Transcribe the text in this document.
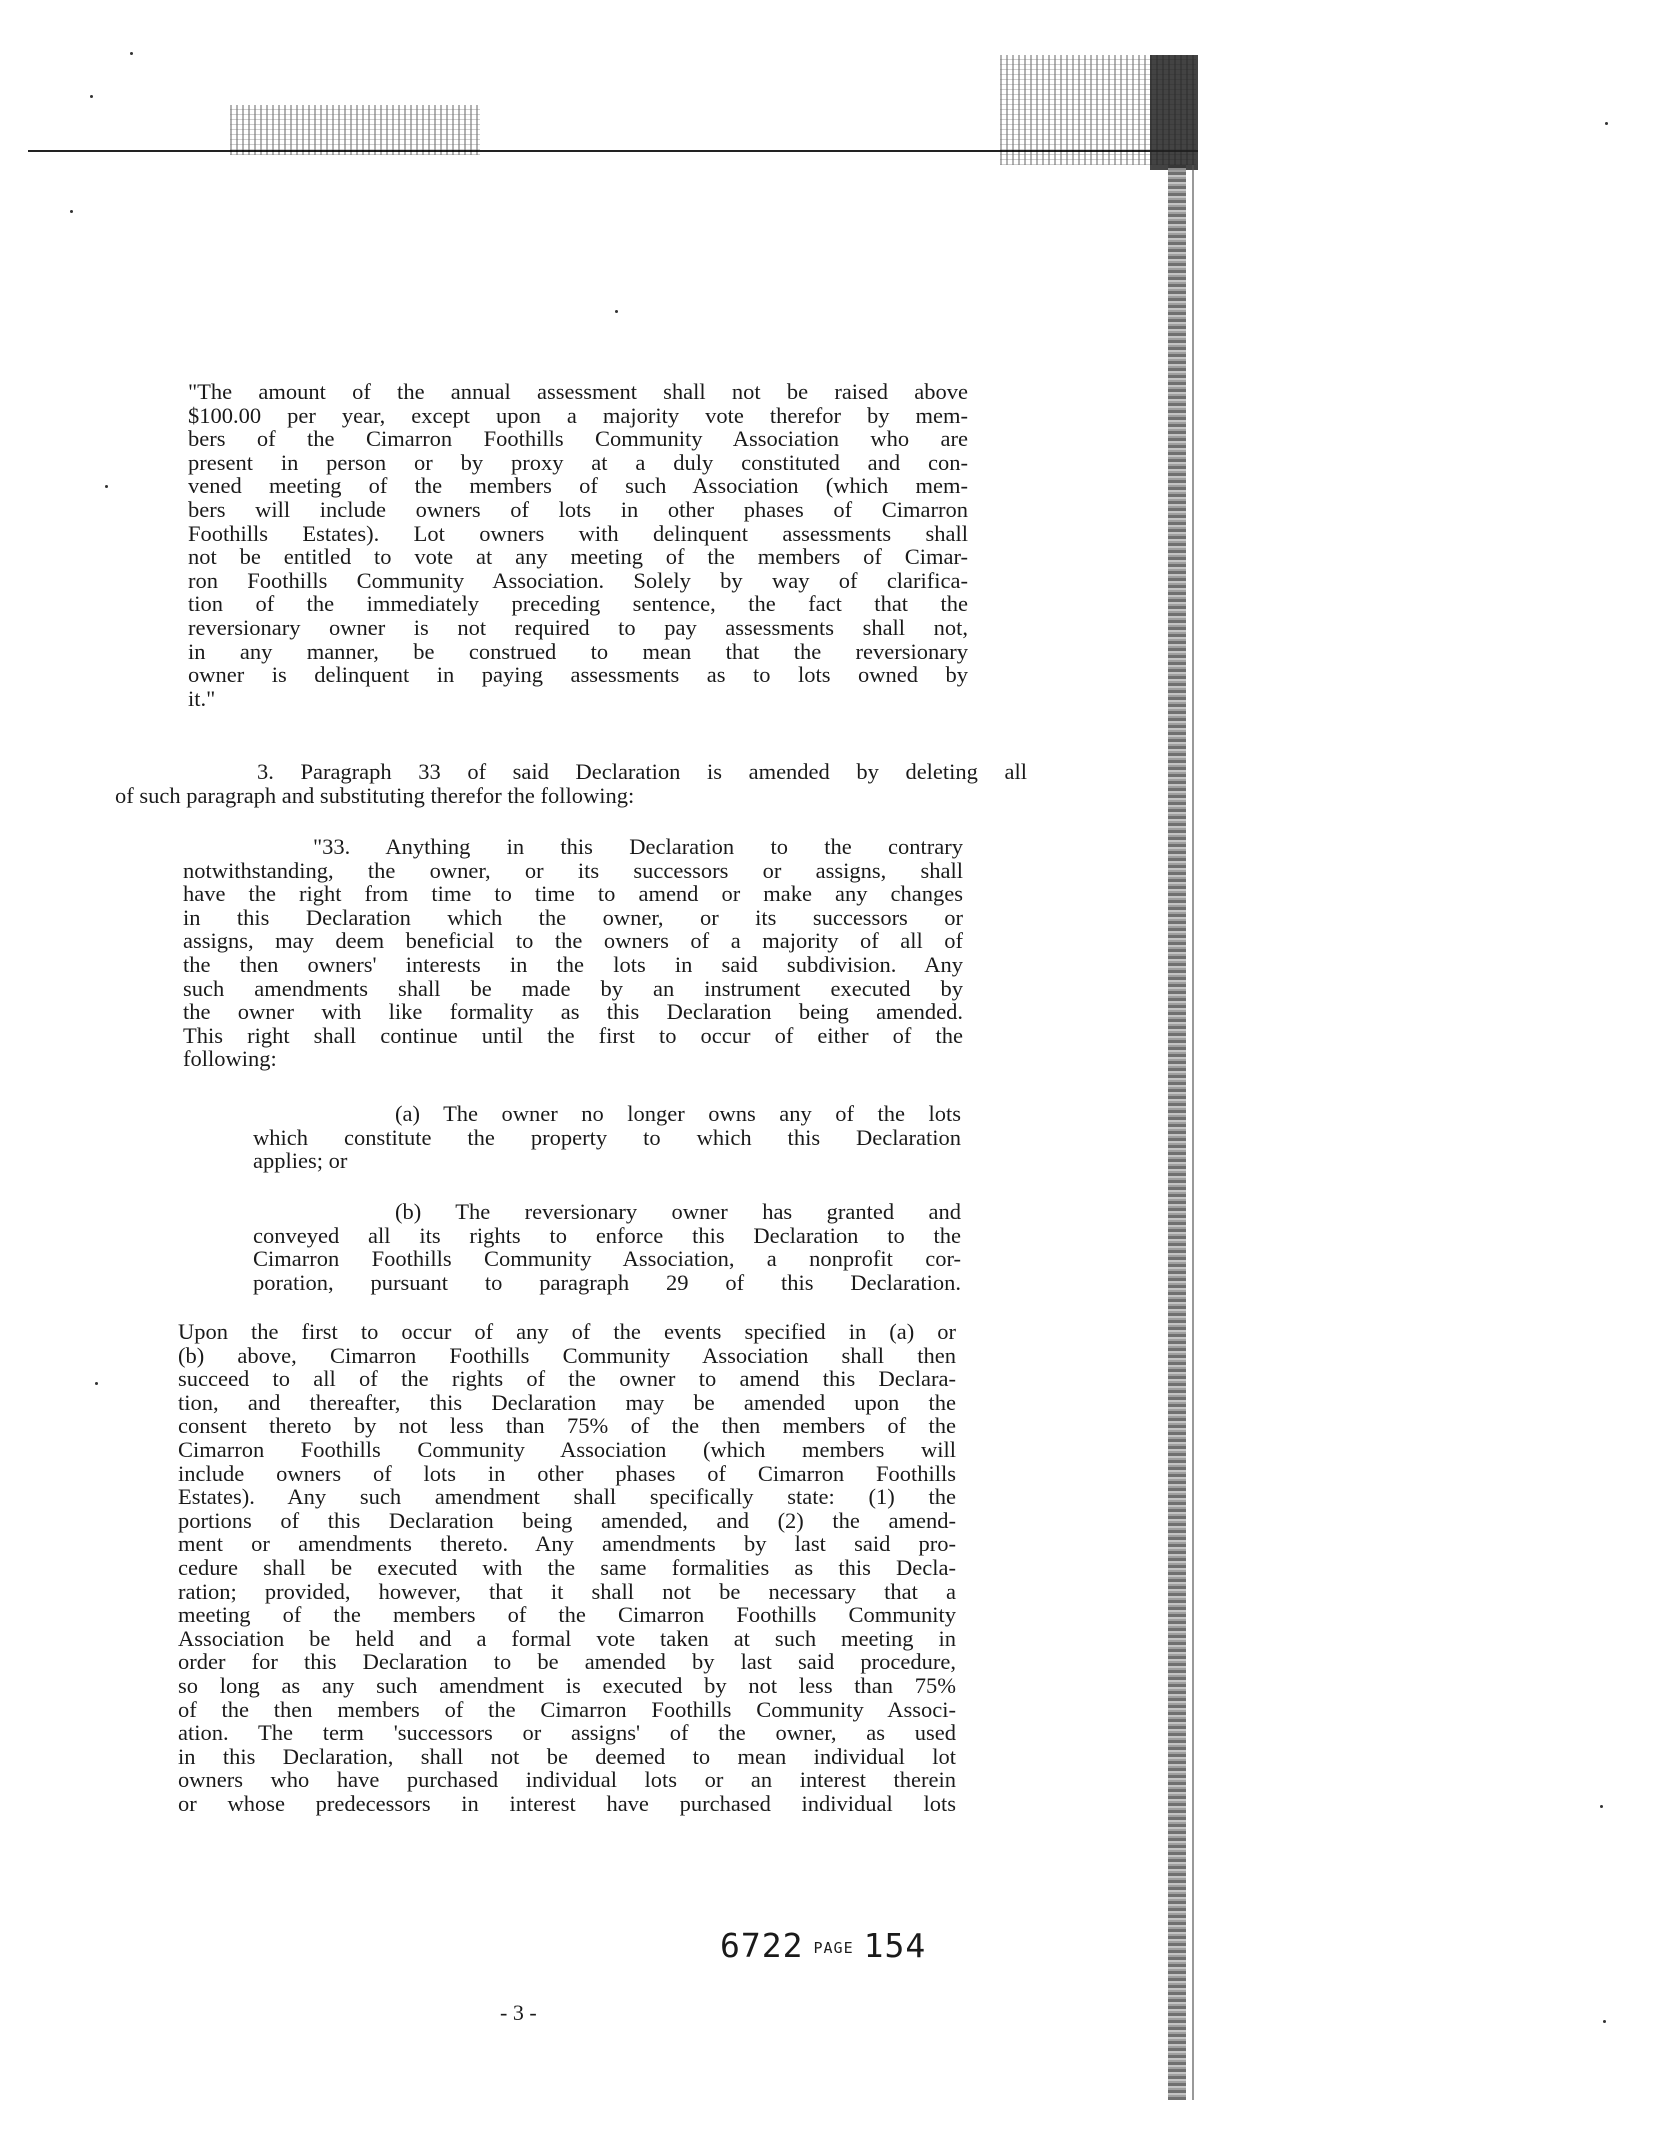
"The amount of the annual assessment shall not be raised above
$100.00 per year, except upon a majority vote therefor by mem-
bers of the Cimarron Foothills Community Association who are
present in person or by proxy at a duly constituted and con-
vened meeting of the members of such Association (which mem-
bers will include owners of lots in other phases of Cimarron
Foothills Estates). Lot owners with delinquent assessments shall
not be entitled to vote at any meeting of the members of Cimar-
ron Foothills Community Association. Solely by way of clarifica-
tion of the immediately preceding sentence, the fact that the
reversionary owner is not required to pay assessments shall not,
in any manner, be construed to mean that the reversionary
owner is delinquent in paying assessments as to lots owned by
it."
3. Paragraph 33 of said Declaration is amended by deleting all
of such paragraph and substituting therefor the following:
"33. Anything in this Declaration to the contrary
notwithstanding, the owner, or its successors or assigns, shall
have the right from time to time to amend or make any changes
in this Declaration which the owner, or its successors or
assigns, may deem beneficial to the owners of a majority of all of
the then owners' interests in the lots in said subdivision. Any
such amendments shall be made by an instrument executed by
the owner with like formality as this Declaration being amended.
This right shall continue until the first to occur of either of the
following:
(a) The owner no longer owns any of the lots
which constitute the property to which this Declaration
applies; or
(b) The reversionary owner has granted and
conveyed all its rights to enforce this Declaration to the
Cimarron Foothills Community Association, a nonprofit cor-
poration, pursuant to paragraph 29 of this Declaration.
Upon the first to occur of any of the events specified in (a) or
(b) above, Cimarron Foothills Community Association shall then
succeed to all of the rights of the owner to amend this Declara-
tion, and thereafter, this Declaration may be amended upon the
consent thereto by not less than 75% of the then members of the
Cimarron Foothills Community Association (which members will
include owners of lots in other phases of Cimarron Foothills
Estates). Any such amendment shall specifically state: (1) the
portions of this Declaration being amended, and (2) the amend-
ment or amendments thereto. Any amendments by last said pro-
cedure shall be executed with the same formalities as this Decla-
ration; provided, however, that it shall not be necessary that a
meeting of the members of the Cimarron Foothills Community
Association be held and a formal vote taken at such meeting in
order for this Declaration to be amended by last said procedure,
so long as any such amendment is executed by not less than 75%
of the then members of the Cimarron Foothills Community Associ-
ation. The term 'successors or assigns' of the owner, as used
in this Declaration, shall not be deemed to mean individual lot
owners who have purchased individual lots or an interest therein
or whose predecessors in interest have purchased individual lots
6722 PAGE 154
- 3 -
